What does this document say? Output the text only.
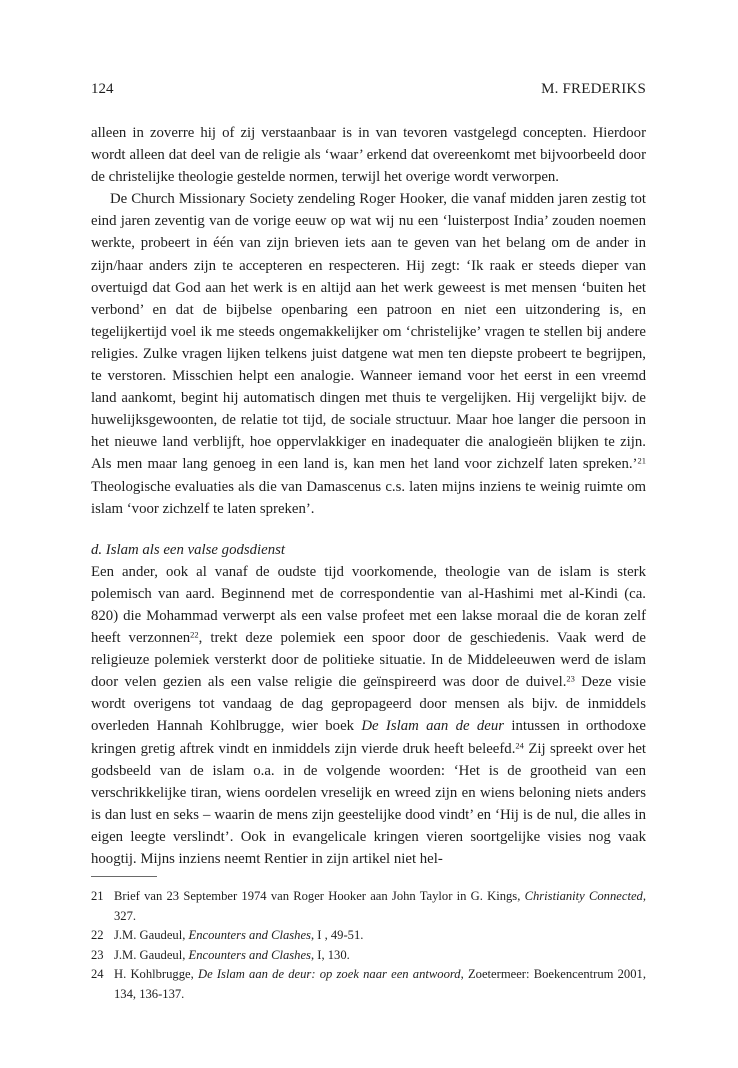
124	M. FREDERIKS

alleen in zoverre hij of zij verstaanbaar is in van tevoren vastgelegd concepten. Hierdoor wordt alleen dat deel van de religie als ‘waar’ erkend dat overeenkomt met bijvoorbeeld door de christelijke theologie gestelde normen, terwijl het overige wordt verworpen.

De Church Missionary Society zendeling Roger Hooker, die vanaf midden jaren zestig tot eind jaren zeventig van de vorige eeuw op wat wij nu een ‘luisterpost India’ zouden noemen werkte, probeert in één van zijn brieven iets aan te geven van het belang om de ander in zijn/haar anders zijn te accepteren en respecteren. Hij zegt: ‘Ik raak er steeds dieper van overtuigd dat God aan het werk is en altijd aan het werk geweest is met mensen ‘buiten het verbond’ en dat de bijbelse openbaring een patroon en niet een uitzondering is, en tegelijkertijd voel ik me steeds ongemakkelijker om ‘christelijke’ vragen te stellen bij andere religies. Zulke vragen lijken telkens juist datgene wat men ten diepste probeert te begrijpen, te verstoren. Misschien helpt een analogie. Wanneer iemand voor het eerst in een vreemd land aankomt, begint hij automatisch dingen met thuis te vergelijken. Hij vergelijkt bijv. de huwelijksgewoonten, de relatie tot tijd, de sociale structuur. Maar hoe langer die persoon in het nieuwe land verblijft, hoe oppervlakkiger en inadequater die analogieën blijken te zijn. Als men maar lang genoeg in een land is, kan men het land voor zichzelf laten spreken.’$^{21}$ Theologische evaluaties als die van Damascenus c.s. laten mijns inziens te weinig ruimte om islam ‘voor zichzelf te laten spreken’.

d. Islam als een valse godsdienst

Een ander, ook al vanaf de oudste tijd voorkomende, theologie van de islam is sterk polemisch van aard. Beginnend met de correspondentie van al-Hashimi met al-Kindi (ca. 820) die Mohammad verwerpt als een valse profeet met een lakse moraal die de koran zelf heeft verzonnen$^{22}$, trekt deze polemiek een spoor door de geschiedenis. Vaak werd de religieuze polemiek versterkt door de politieke situatie. In de Middeleeuwen werd de islam door velen gezien als een valse religie die geïnspireerd was door de duivel.$^{23}$ Deze visie wordt overigens tot vandaag de dag gepropageerd door mensen als bijv. de inmiddels overleden Hannah Kohlbrugge, wier boek De Islam aan de deur intussen in orthodoxe kringen gretig aftrek vindt en inmiddels zijn vierde druk heeft beleefd.$^{24}$ Zij spreekt over het godsbeeld van de islam o.a. in de volgende woorden: ‘Het is de grootheid van een verschrikkelijke tiran, wiens oordelen vreselijk en wreed zijn en wiens beloning niets anders is dan lust en seks – waarin de mens zijn geestelijke dood vindt’ en ‘Hij is de nul, die alles in eigen leegte verslindt’. Ook in evangelicale kringen vieren soortgelijke visies nog vaak hoogtij. Mijns inziens neemt Rentier in zijn artikel niet hel-

21 Brief van 23 September 1974 van Roger Hooker aan John Taylor in G. Kings, Christianity Connected, 327.
22 J.M. Gaudeul, Encounters and Clashes, I , 49-51.
23 J.M. Gaudeul, Encounters and Clashes, I, 130.
24 H. Kohlbrugge, De Islam aan de deur: op zoek naar een antwoord, Zoetermeer: Boekencentrum 2001, 134, 136-137.
